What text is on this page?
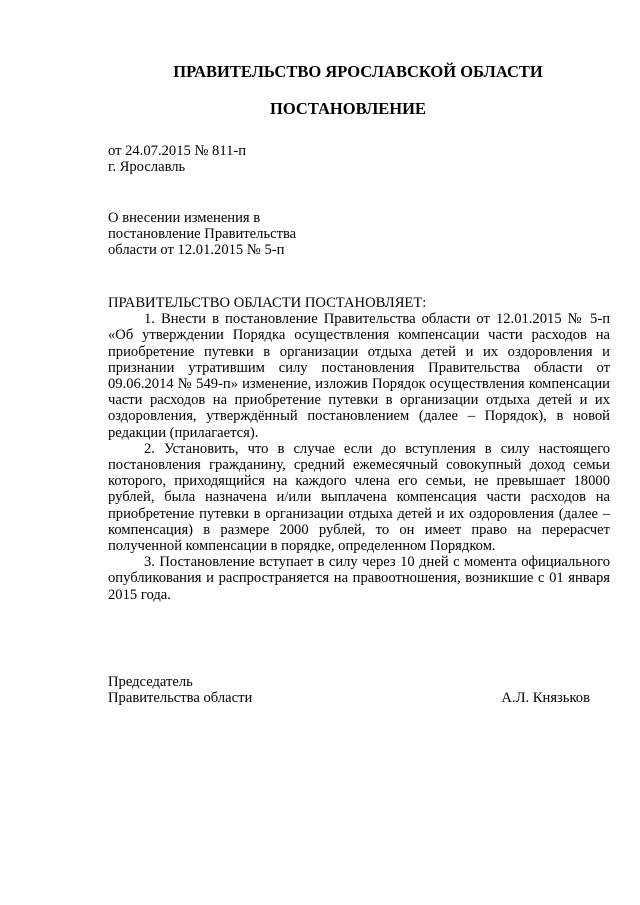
ПРАВИТЕЛЬСТВО ЯРОСЛАВСКОЙ ОБЛАСТИ
ПОСТАНОВЛЕНИЕ
от 24.07.2015 № 811-п
г. Ярославль
О внесении изменения в
постановление Правительства
области от 12.01.2015 № 5-п

ПРАВИТЕЛЬСТВО ОБЛАСТИ ПОСТАНОВЛЯЕТ:

1. Внести в постановление Правительства области от 12.01.2015 № 5-п «Об утверждении Порядка осуществления компенсации части расходов на приобретение путевки в организации отдыха детей и их оздоровления и признании утратившим силу постановления Правительства области от 09.06.2014 № 549-п» изменение, изложив Порядок осуществления компенсации части расходов на приобретение путевки в организации отдыха детей и их оздоровления, утверждённый постановлением (далее – Порядок), в новой редакции (прилагается).

2. Установить, что в случае если до вступления в силу настоящего постановления гражданину, средний ежемесячный совокупный доход семьи которого, приходящийся на каждого члена его семьи, не превышает 18000 рублей, была назначена и/или выплачена компенсация части расходов на приобретение путевки в организации отдыха детей и их оздоровления (далее – компенсация) в размере 2000 рублей, то он имеет право на перерасчет полученной компенсации в порядке, определенном Порядком.

3. Постановление вступает в силу через 10 дней с момента официального опубликования и распространяется на правоотношения, возникшие с 01 января 2015 года.

Председатель
Правительства области	А.Л. Князьков
